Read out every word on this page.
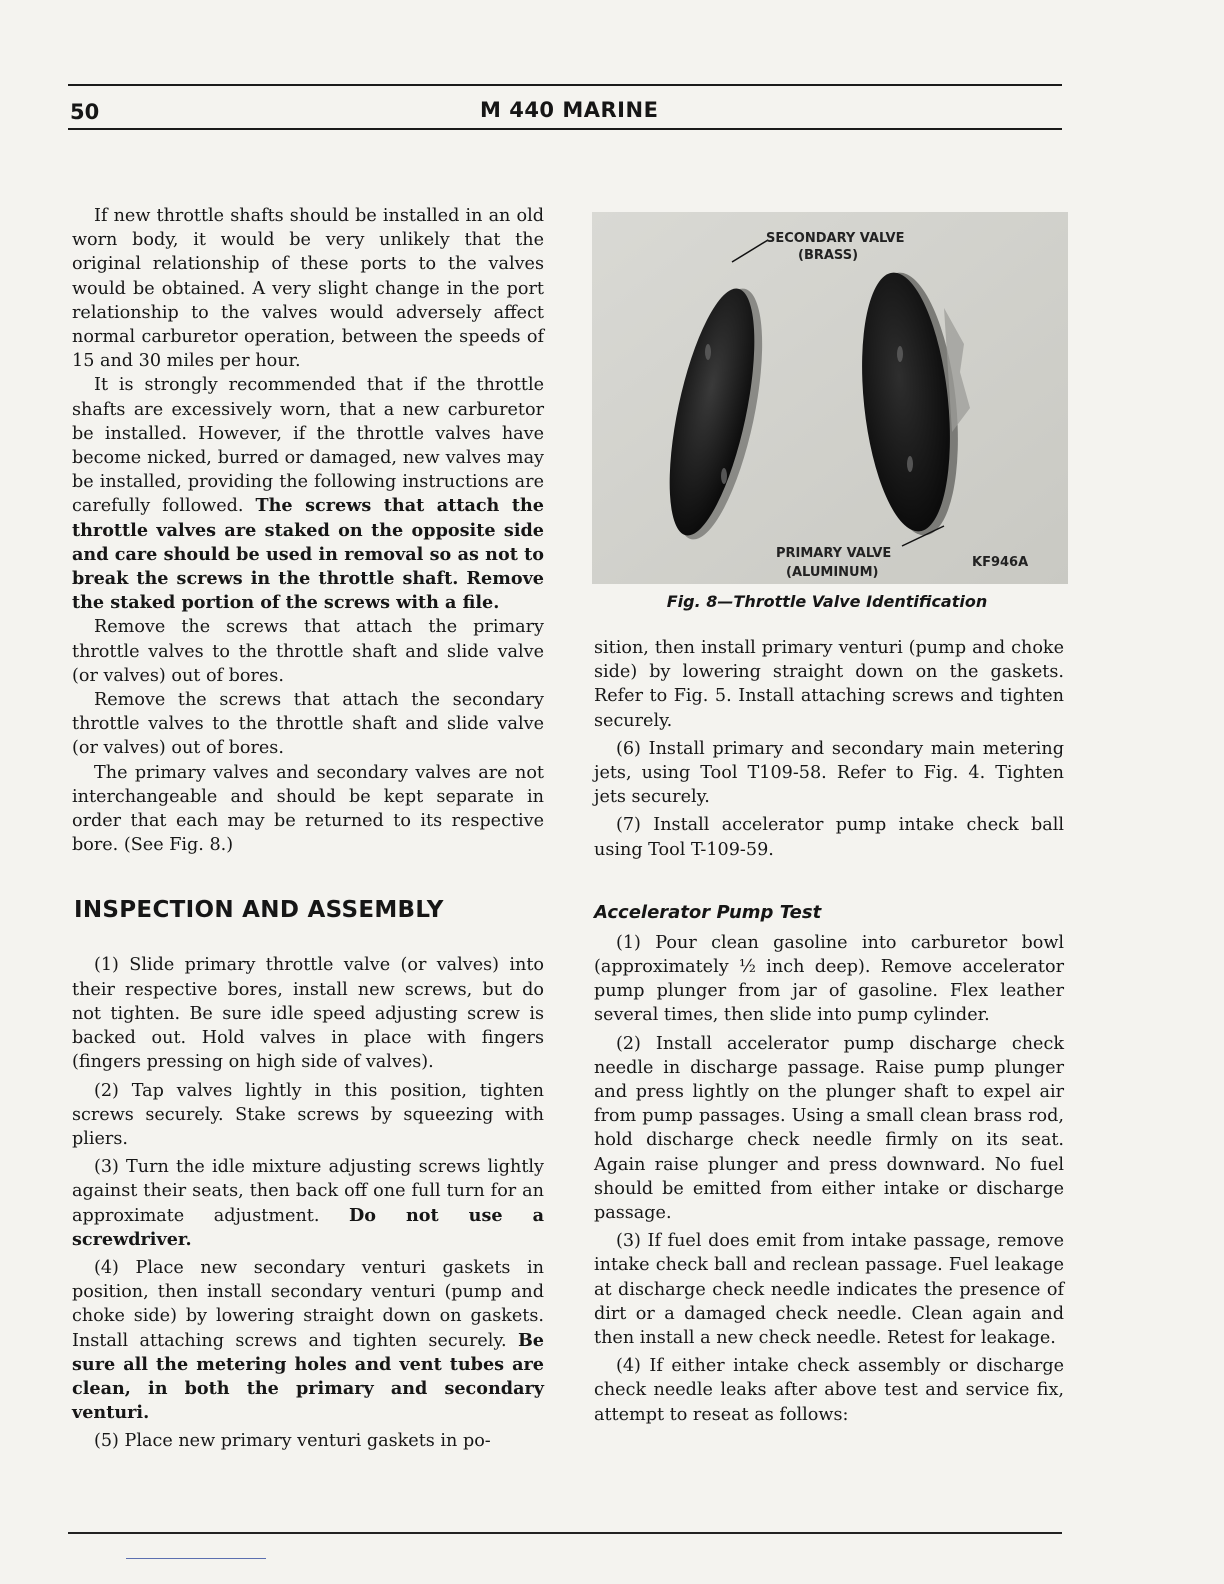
50	M 440 MARINE

If new throttle shafts should be installed in an old worn body, it would be very unlikely that the original relationship of these ports to the valves would be obtained. A very slight change in the port relationship to the valves would adversely affect normal carburetor operation, between the speeds of 15 and 30 miles per hour.

It is strongly recommended that if the throttle shafts are excessively worn, that a new carburetor be installed. However, if the throttle valves have become nicked, burred or damaged, new valves may be installed, providing the following instructions are carefully followed. The screws that attach the throttle valves are staked on the opposite side and care should be used in removal so as not to break the screws in the throttle shaft. Remove the staked portion of the screws with a file.

Remove the screws that attach the primary throttle valves to the throttle shaft and slide valve (or valves) out of bores.

Remove the screws that attach the secondary throttle valves to the throttle shaft and slide valve (or valves) out of bores.

The primary valves and secondary valves are not interchangeable and should be kept separate in order that each may be returned to its respective bore. (See Fig. 8.)

INSPECTION AND ASSEMBLY

(1) Slide primary throttle valve (or valves) into their respective bores, install new screws, but do not tighten. Be sure idle speed adjusting screw is backed out. Hold valves in place with fingers (fingers pressing on high side of valves).

(2) Tap valves lightly in this position, tighten screws securely. Stake screws by squeezing with pliers.

(3) Turn the idle mixture adjusting screws lightly against their seats, then back off one full turn for an approximate adjustment. Do not use a screwdriver.

(4) Place new secondary venturi gaskets in position, then install secondary venturi (pump and choke side) by lowering straight down on gaskets. Install attaching screws and tighten securely. Be sure all the metering holes and vent tubes are clean, in both the primary and secondary venturi.

(5) Place new primary venturi gaskets in po-

SECONDARY VALVE
(BRASS)
PRIMARY VALVE
(ALUMINUM)
KF946A
Fig. 8—Throttle Valve Identification

sition, then install primary venturi (pump and choke side) by lowering straight down on the gaskets. Refer to Fig. 5. Install attaching screws and tighten securely.

(6) Install primary and secondary main metering jets, using Tool T109-58. Refer to Fig. 4. Tighten jets securely.

(7) Install accelerator pump intake check ball using Tool T-109-59.

Accelerator Pump Test

(1) Pour clean gasoline into carburetor bowl (approximately ½ inch deep). Remove accelerator pump plunger from jar of gasoline. Flex leather several times, then slide into pump cylinder.

(2) Install accelerator pump discharge check needle in discharge passage. Raise pump plunger and press lightly on the plunger shaft to expel air from pump passages. Using a small clean brass rod, hold discharge check needle firmly on its seat. Again raise plunger and press downward. No fuel should be emitted from either intake or discharge passage.

(3) If fuel does emit from intake passage, remove intake check ball and reclean passage. Fuel leakage at discharge check needle indicates the presence of dirt or a damaged check needle. Clean again and then install a new check needle. Retest for leakage.

(4) If either intake check assembly or discharge check needle leaks after above test and service fix, attempt to reseat as follows:
